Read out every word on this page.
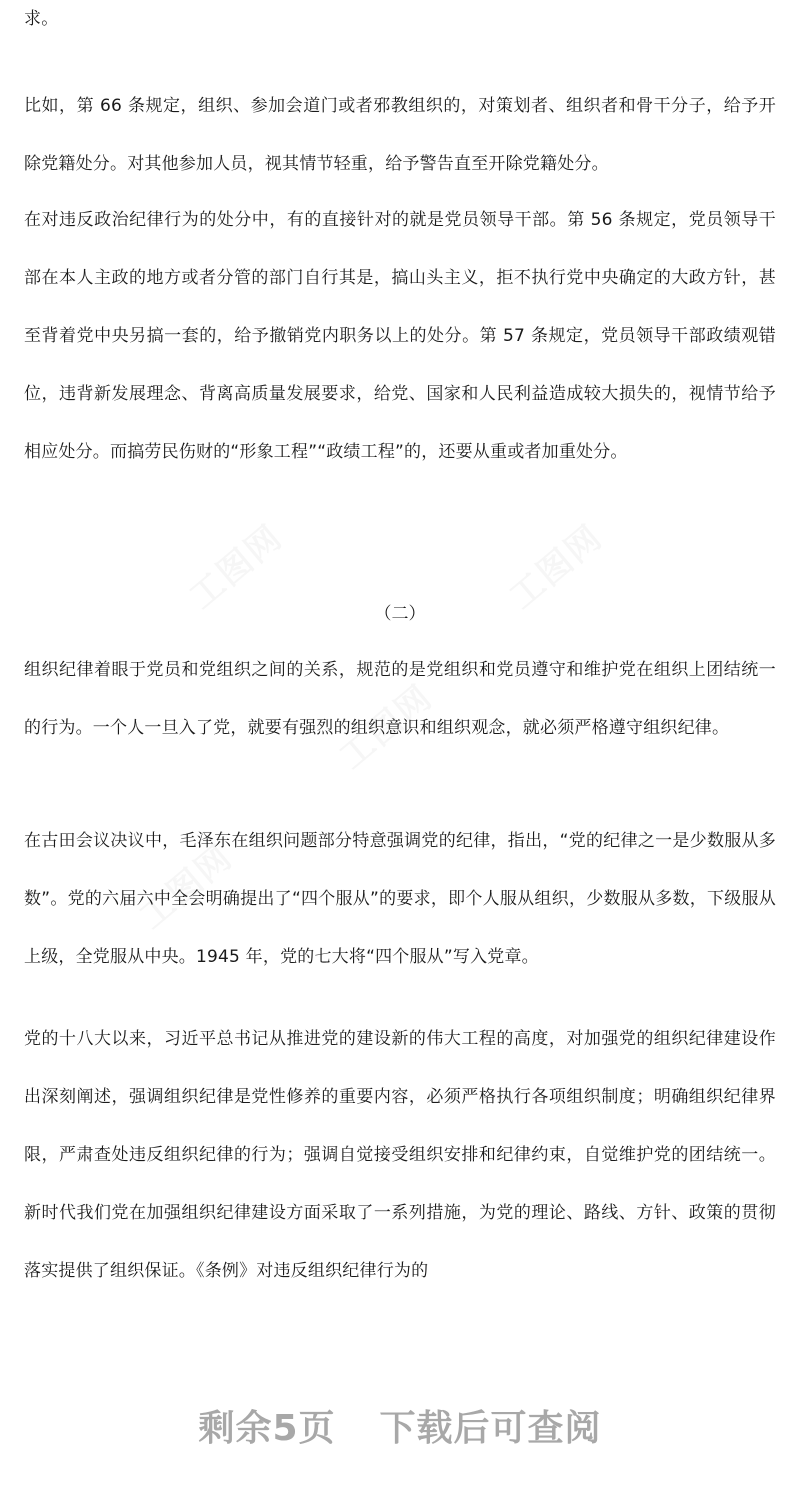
求。

比如，第 66 条规定，组织、参加会道门或者邪教组织的，对策划者、组织者和骨干分子，给予开除党籍处分。对其他参加人员，视其情节轻重，给予警告直至开除党籍处分。

在对违反政治纪律行为的处分中，有的直接针对的就是党员领导干部。第 56 条规定，党员领导干部在本人主政的地方或者分管的部门自行其是，搞山头主义，拒不执行党中央确定的大政方针，甚至背着党中央另搞一套的，给予撤销党内职务以上的处分。第 57 条规定，党员领导干部政绩观错位，违背新发展理念、背离高质量发展要求，给党、国家和人民利益造成较大损失的，视情节给予相应处分。而搞劳民伤财的“形象工程”“政绩工程”的，还要从重或者加重处分。

（二）

组织纪律着眼于党员和党组织之间的关系，规范的是党组织和党员遵守和维护党在组织上团结统一的行为。一个人一旦入了党，就要有强烈的组织意识和组织观念，就必须严格遵守组织纪律。

在古田会议决议中，毛泽东在组织问题部分特意强调党的纪律，指出，“党的纪律之一是少数服从多数”。党的六届六中全会明确提出了“四个服从”的要求，即个人服从组织，少数服从多数，下级服从上级，全党服从中央。1945 年，党的七大将“四个服从”写入党章。

党的十八大以来，习近平总书记从推进党的建设新的伟大工程的高度，对加强党的组织纪律建设作出深刻阐述，强调组织纪律是党性修养的重要内容，必须严格执行各项组织制度；明确组织纪律界限，严肃查处违反组织纪律的行为；强调自觉接受组织安排和纪律约束，自觉维护党的团结统一。新时代我们党在加强组织纪律建设方面采取了一系列措施，为党的理论、路线、方针、政策的贯彻落实提供了组织保证。《条例》对违反组织纪律行为的

剩余5页 下载后可查阅
